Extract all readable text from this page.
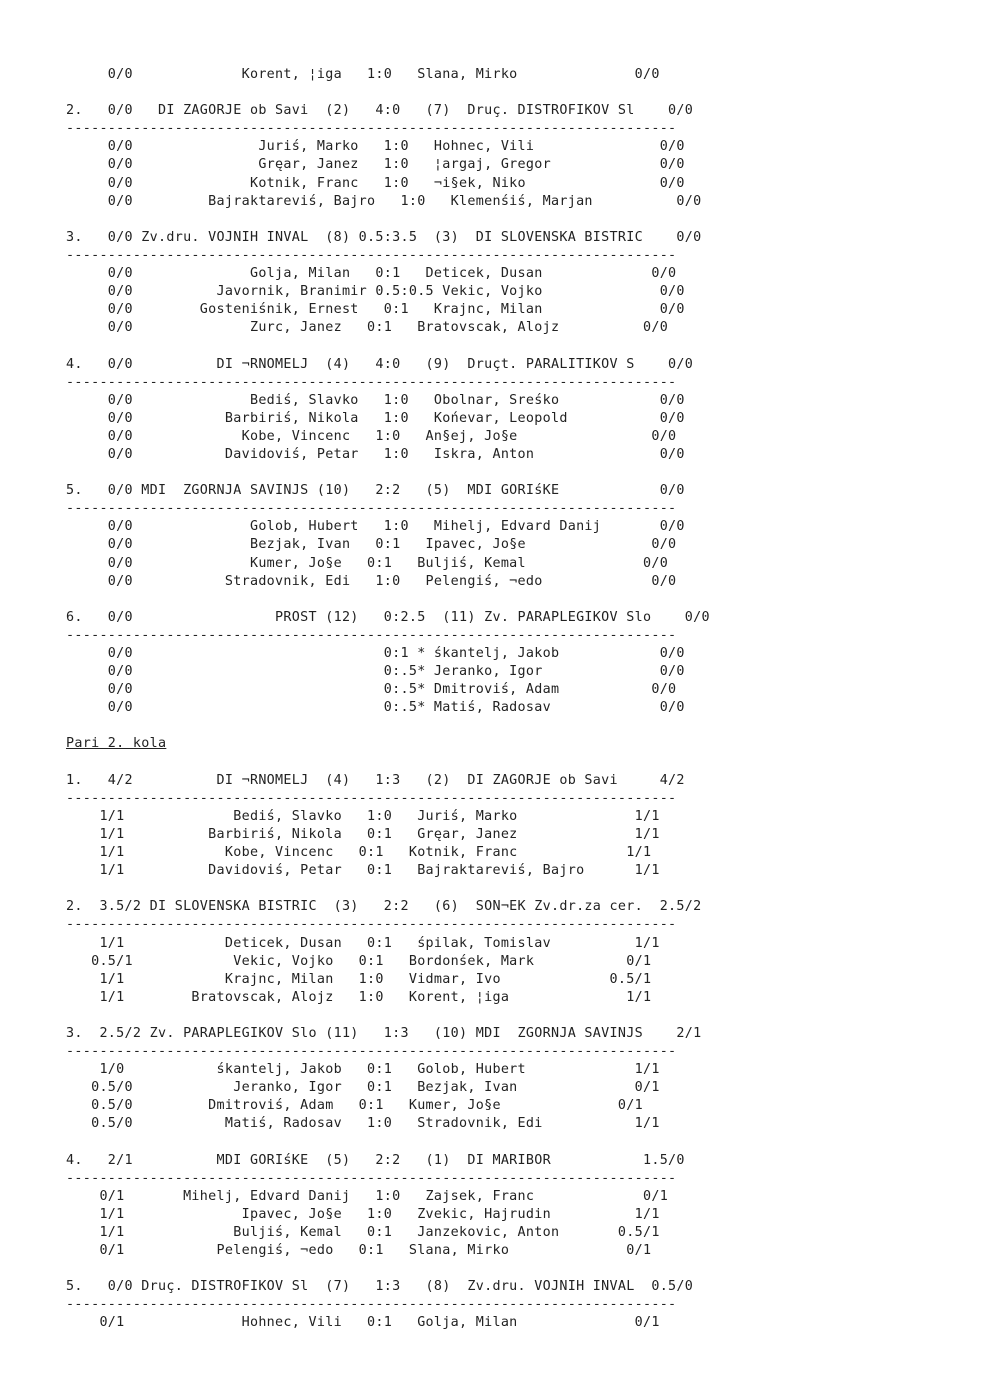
0/0             Korent, ¦iga   1:0   Slana, Mirko              0/0
2.   0/0   DI ZAGORJE ob Savi  (2)   4:0   (7)  Druç. DISTROFIKOV Sl    0/0
-------------------------------------------------------------------------
0/0               Juriś, Marko   1:0   Hohnec, Vili               0/0
0/0               Gręar, Janez   1:0   ¦argaj, Gregor             0/0
0/0              Kotnik, Franc   1:0   ¬i§ek, Niko                0/0
0/0         Bajraktareviś, Bajro   1:0   Klemenśiś, Marjan          0/0
3.   0/0 Zv.dru. VOJNIH INVAL  (8) 0.5:3.5  (3)  DI SLOVENSKA BISTRIC    0/0
-------------------------------------------------------------------------
0/0              Golja, Milan   0:1   Deticek, Dusan             0/0
0/0          Javornik, Branimir 0.5:0.5 Vekic, Vojko              0/0
0/0        Gosteniśnik, Ernest   0:1   Krajnc, Milan              0/0
0/0              Zurc, Janez   0:1   Bratovscak, Alojz          0/0
4.   0/0          DI ¬RNOMELJ  (4)   4:0   (9)  Druçt. PARALITIKOV S    0/0
-------------------------------------------------------------------------
0/0              Bediś, Slavko   1:0   Obolnar, Sreśko            0/0
0/0           Barbiriś, Nikola   1:0   Końevar, Leopold           0/0
0/0             Kobe, Vincenc   1:0   An§ej, Jo§e                0/0
0/0           Davidoviś, Petar   1:0   Iskra, Anton               0/0
5.   0/0 MDI  ZGORNJA SAVINJS (10)   2:2   (5)  MDI GORIśKE            0/0
-------------------------------------------------------------------------
0/0              Golob, Hubert   1:0   Mihelj, Edvard Danij       0/0
0/0              Bezjak, Ivan   0:1   Ipavec, Jo§e               0/0
0/0              Kumer, Jo§e   0:1   Buljiś, Kemal              0/0
0/0           Stradovnik, Edi   1:0   Pelengiś, ¬edo             0/0
6.   0/0                 PROST (12)   0:2.5  (11) Zv. PARAPLEGIKOV Slo    0/0
-------------------------------------------------------------------------
0/0                              0:1 * śkantelj, Jakob            0/0
0/0                              0:.5* Jeranko, Igor              0/0
0/0                              0:.5* Dmitroviś, Adam           0/0
0/0                              0:.5* Matiś, Radosav             0/0
Pari 2. kola
1.   4/2          DI ¬RNOMELJ  (4)   1:3   (2)  DI ZAGORJE ob Savi     4/2
-------------------------------------------------------------------------
1/1             Bediś, Slavko   1:0   Juriś, Marko              1/1
1/1          Barbiriś, Nikola   0:1   Gręar, Janez              1/1
1/1            Kobe, Vincenc   0:1   Kotnik, Franc             1/1
1/1          Davidoviś, Petar   0:1   Bajraktareviś, Bajro      1/1
2.  3.5/2 DI SLOVENSKA BISTRIC  (3)   2:2   (6)  SON¬EK Zv.dr.za cer.  2.5/2
-------------------------------------------------------------------------
1/1            Deticek, Dusan   0:1   śpilak, Tomislav          1/1
0.5/1            Vekic, Vojko   0:1   Bordonśek, Mark           0/1
1/1            Krajnc, Milan   1:0   Vidmar, Ivo             0.5/1
1/1        Bratovscak, Alojz   1:0   Korent, ¦iga              1/1
3.  2.5/2 Zv. PARAPLEGIKOV Slo (11)   1:3   (10) MDI  ZGORNJA SAVINJS    2/1
-------------------------------------------------------------------------
1/0           śkantelj, Jakob   0:1   Golob, Hubert             1/1
0.5/0            Jeranko, Igor   0:1   Bezjak, Ivan              0/1
0.5/0         Dmitroviś, Adam   0:1   Kumer, Jo§e              0/1
0.5/0           Matiś, Radosav   1:0   Stradovnik, Edi           1/1
4.   2/1          MDI GORIśKE  (5)   2:2   (1)  DI MARIBOR           1.5/0
-------------------------------------------------------------------------
0/1       Mihelj, Edvard Danij   1:0   Zajsek, Franc             0/1
1/1              Ipavec, Jo§e   1:0   Zvekic, Hajrudin          1/1
1/1             Buljiś, Kemal   0:1   Janzekovic, Anton       0.5/1
0/1           Pelengiś, ¬edo   0:1   Slana, Mirko              0/1
5.   0/0 Druç. DISTROFIKOV Sl  (7)   1:3   (8)  Zv.dru. VOJNIH INVAL  0.5/0
-------------------------------------------------------------------------
0/1              Hohnec, Vili   0:1   Golja, Milan              0/1
